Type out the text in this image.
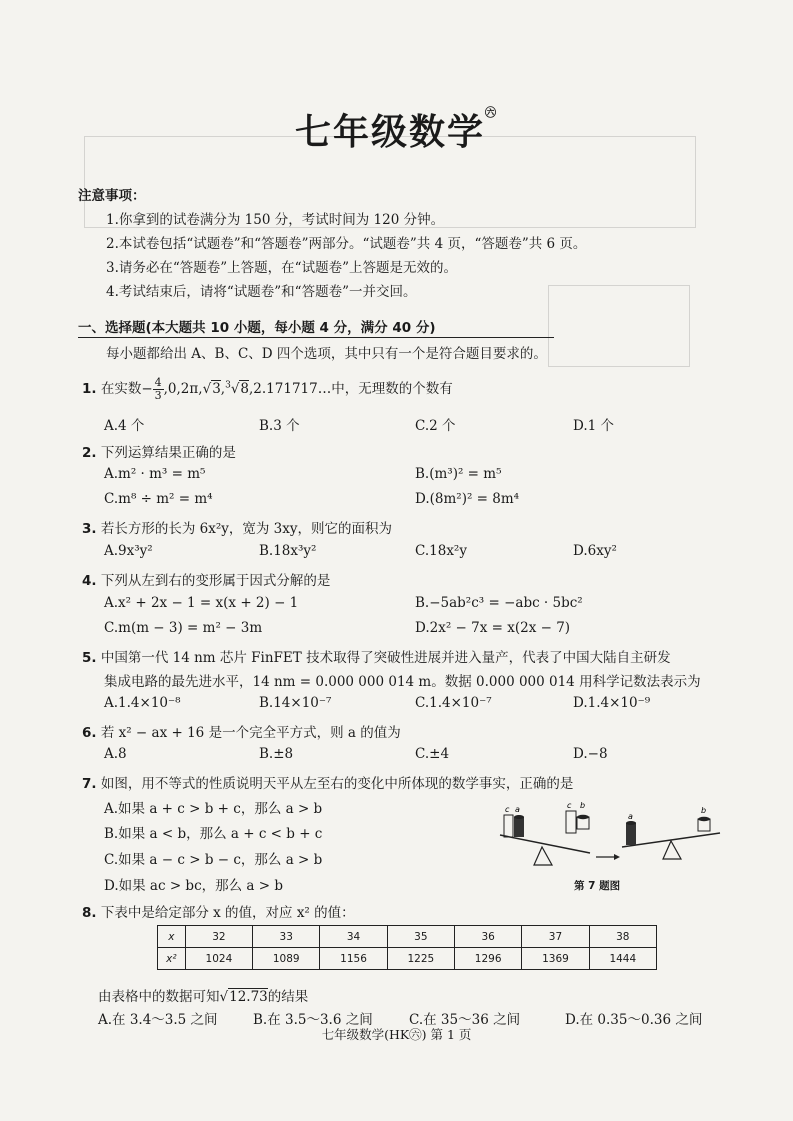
七年级数学$^㊅$
注意事项：
1.你拿到的试卷满分为 150 分，考试时间为 120 分钟。
2.本试卷包括“试题卷”和“答题卷”两部分。“试题卷”共 4 页，“答题卷”共 6 页。
3.请务必在“答题卷”上答题，在“试题卷”上答题是无效的。
4.考试结束后，请将“试题卷”和“答题卷”一并交回。
一、选择题(本大题共 10 小题，每小题 4 分，满分 40 分)
每小题都给出 A、B、C、D 四个选项，其中只有一个是符合题目要求的。
1. 在实数− $\frac{4}{3}$ ,0,2π,√3,$^3$√8,2.171717…中，无理数的个数有
A.4 个	B.3 个	C.2 个	D.1 个
2. 下列运算结果正确的是
A.m² · m³ = m⁵	B.(m³)² = m⁵
C.m⁸ ÷ m² = m⁴	D.(8m²)² = 8m⁴
3. 若长方形的长为 6x²y，宽为 3xy，则它的面积为
A.9x³y²	B.18x³y²	C.18x²y	D.6xy²
4. 下列从左到右的变形属于因式分解的是
A.x² + 2x − 1 = x(x + 2) − 1	B.−5ab²c³ = −abc · 5bc²
C.m(m − 3) = m² − 3m	D.2x² − 7x = x(2x − 7)
5. 中国第一代 14 nm 芯片 FinFET 技术取得了突破性进展并进入量产，代表了中国大陆自主研发
集成电路的最先进水平，14 nm = 0.000 000 014 m。数据 0.000 000 014 用科学记数法表示为
A.1.4×10⁻⁸	B.14×10⁻⁷	C.1.4×10⁻⁷	D.1.4×10⁻⁹
6. 若 x² − ax + 16 是一个完全平方式，则 a 的值为
A.8	B.±8	C.±4	D.−8
7. 如图，用不等式的性质说明天平从左至右的变化中所体现的数学事实，正确的是
A.如果 a + c > b + c，那么 a > b
B.如果 a < b，那么 a + c < b + c
C.如果 a − c > b − c，那么 a > b
D.如果 ac > bc，那么 a > b
c a	c b
a
b
第 7 题图
8. 下表中是给定部分 x 的值，对应 x² 的值：
x	32	33	34	35	36	37	38
x²	1024	1089	1156	1225	1296	1369	1444
由表格中的数据可知√12.73的结果
A.在 3.4～3.5 之间	B.在 3.5～3.6 之间	C.在 35～36 之间	D.在 0.35～0.36 之间
七年级数学(HK㊅) 第 1 页
